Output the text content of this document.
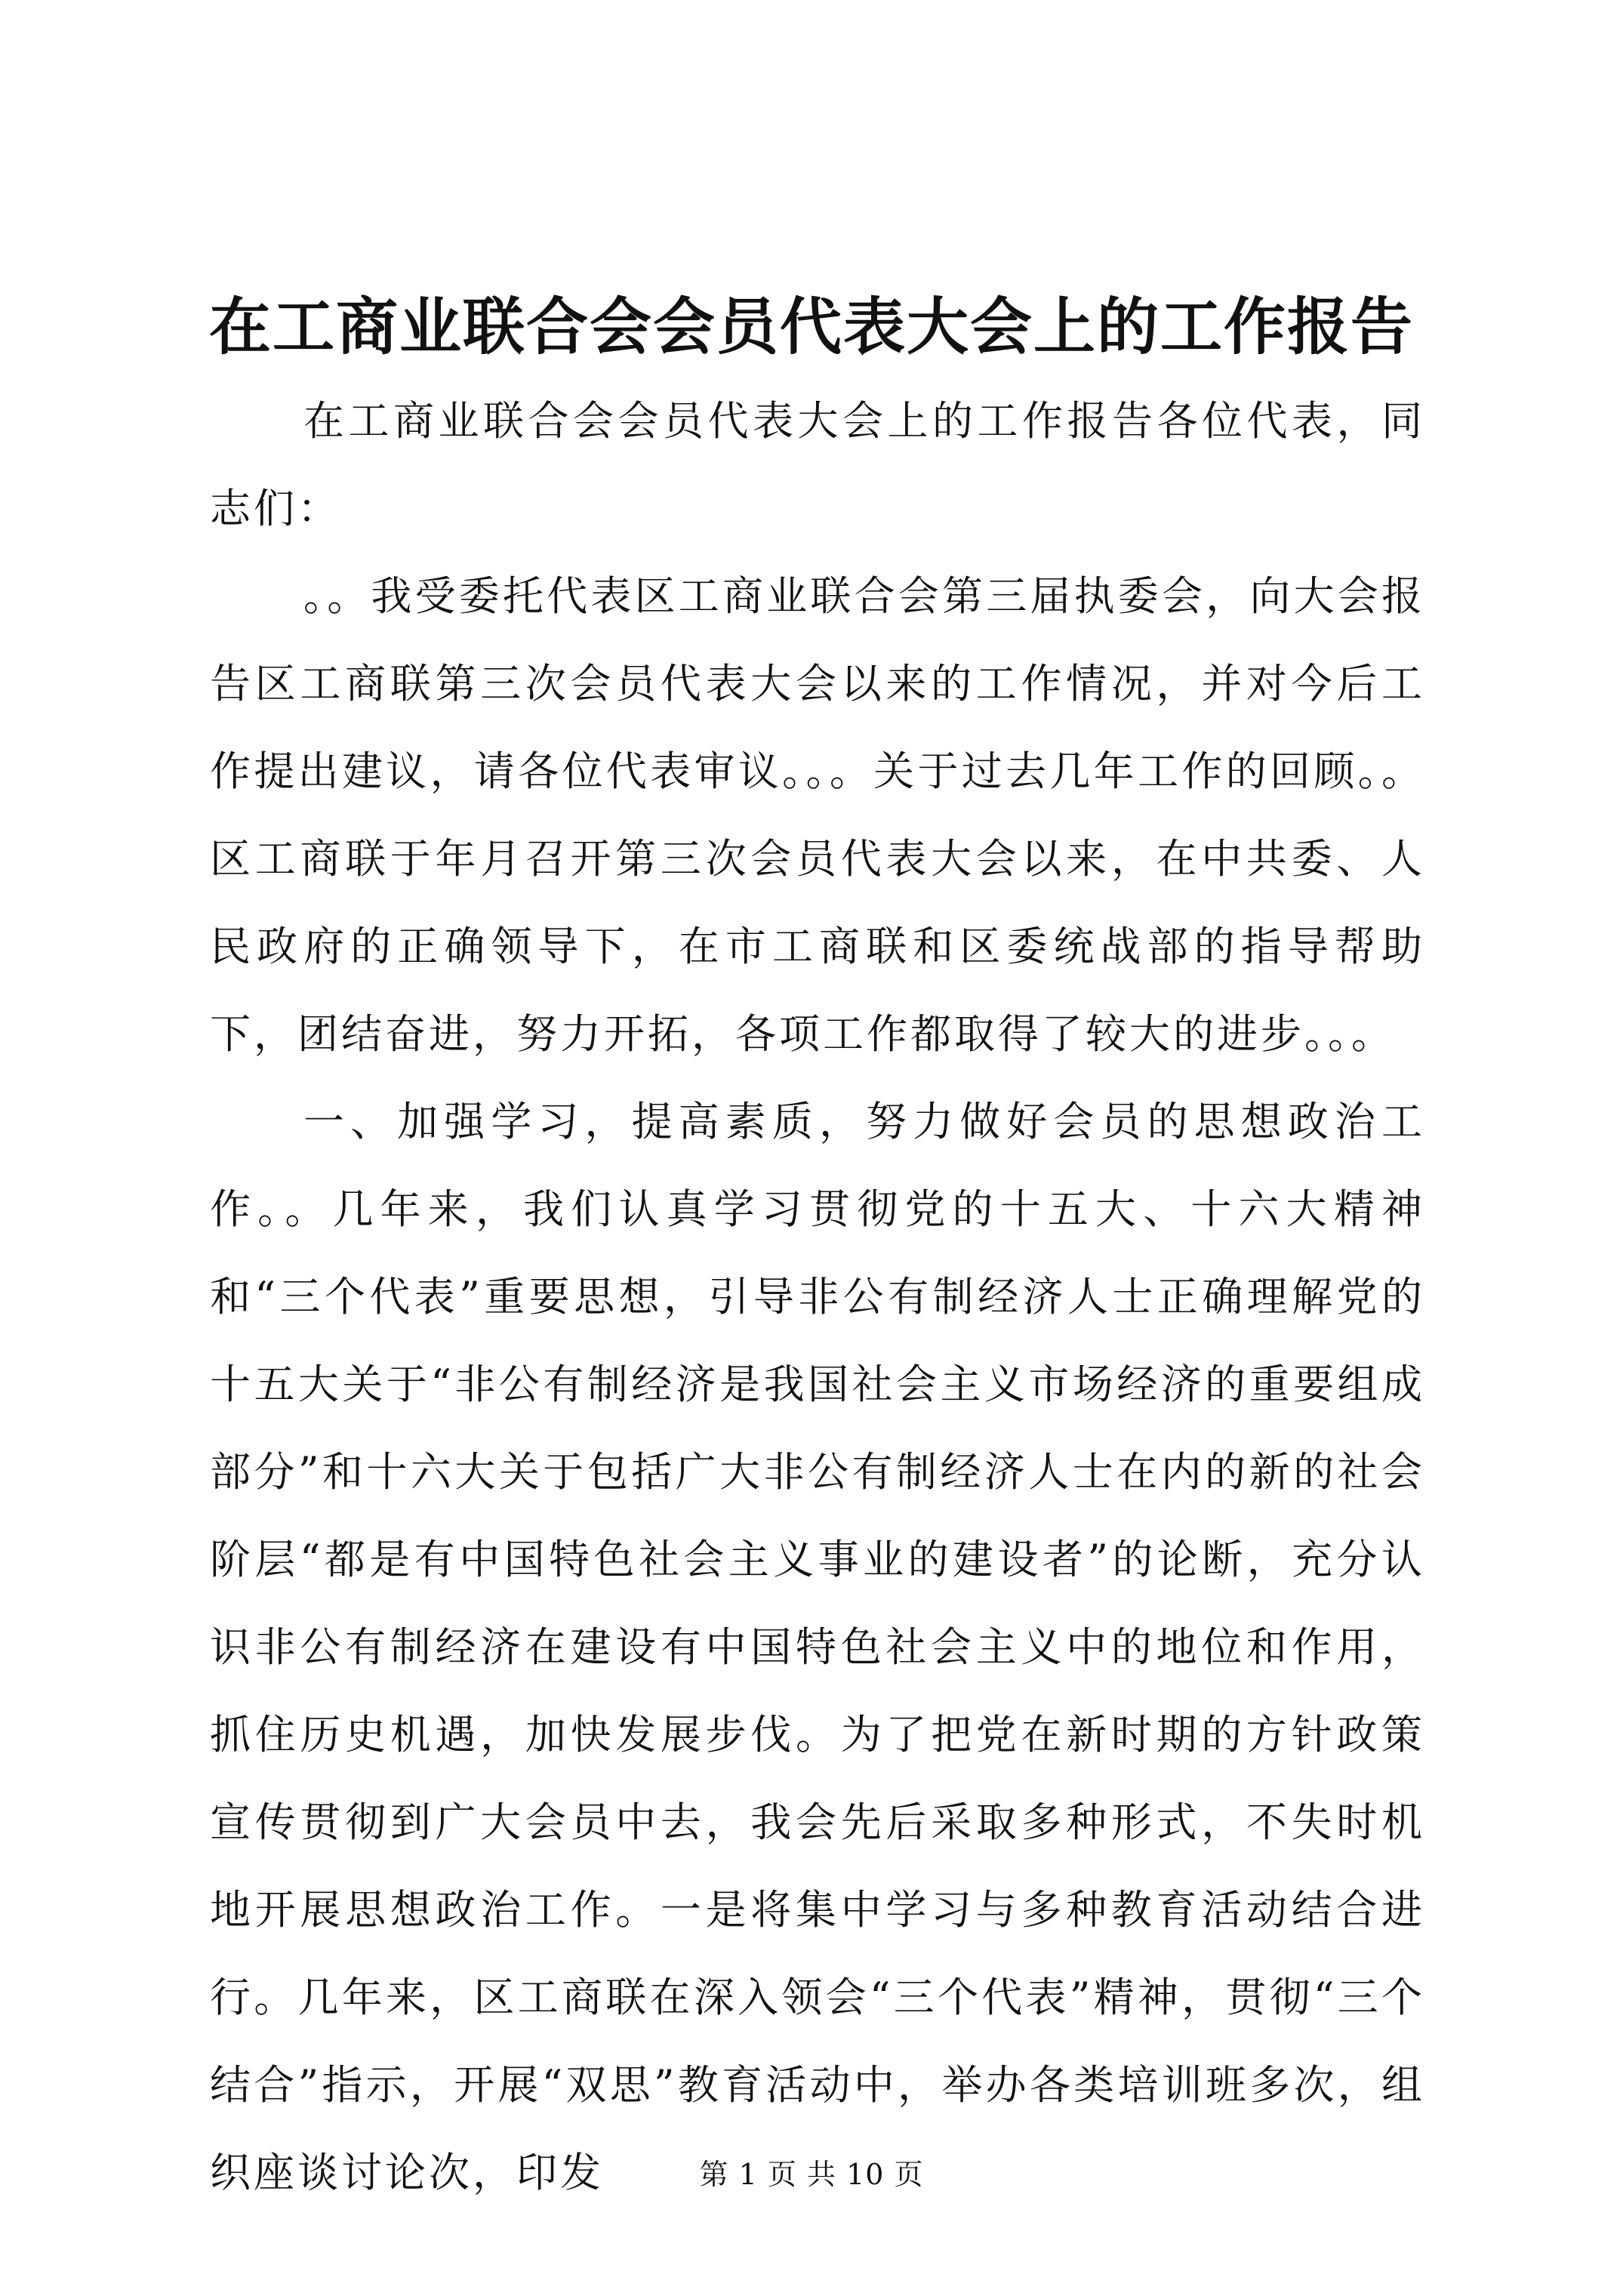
在工商业联合会会员代表大会上的工作报告

在工商业联合会会员代表大会上的工作报告各位代表，同志们：

。。我受委托代表区工商业联合会第三届执委会，向大会报告区工商联第三次会员代表大会以来的工作情况，并对今后工作提出建议，请各位代表审议。。。关于过去几年工作的回顾。。区工商联于年月召开第三次会员代表大会以来，在中共委、人民政府的正确领导下，在市工商联和区委统战部的指导帮助下，团结奋进，努力开拓，各项工作都取得了较大的进步。。。

一、加强学习，提高素质，努力做好会员的思想政治工作。。几年来，我们认真学习贯彻党的十五大、十六大精神和“三个代表”重要思想，引导非公有制经济人士正确理解党的十五大关于“非公有制经济是我国社会主义市场经济的重要组成部分”和十六大关于包括广大非公有制经济人士在内的新的社会阶层“都是有中国特色社会主义事业的建设者”的论断，充分认识非公有制经济在建设有中国特色社会主义中的地位和作用，抓住历史机遇，加快发展步伐。为了把党在新时期的方针政策宣传贯彻到广大会员中去，我会先后采取多种形式，不失时机地开展思想政治工作。一是将集中学习与多种教育活动结合进行。几年来，区工商联在深入领会“三个代表”精神，贯彻“三个结合”指示，开展“双思”教育活动中，举办各类培训班多次，组织座谈讨论次，印发	第 1 页 共 10 页
